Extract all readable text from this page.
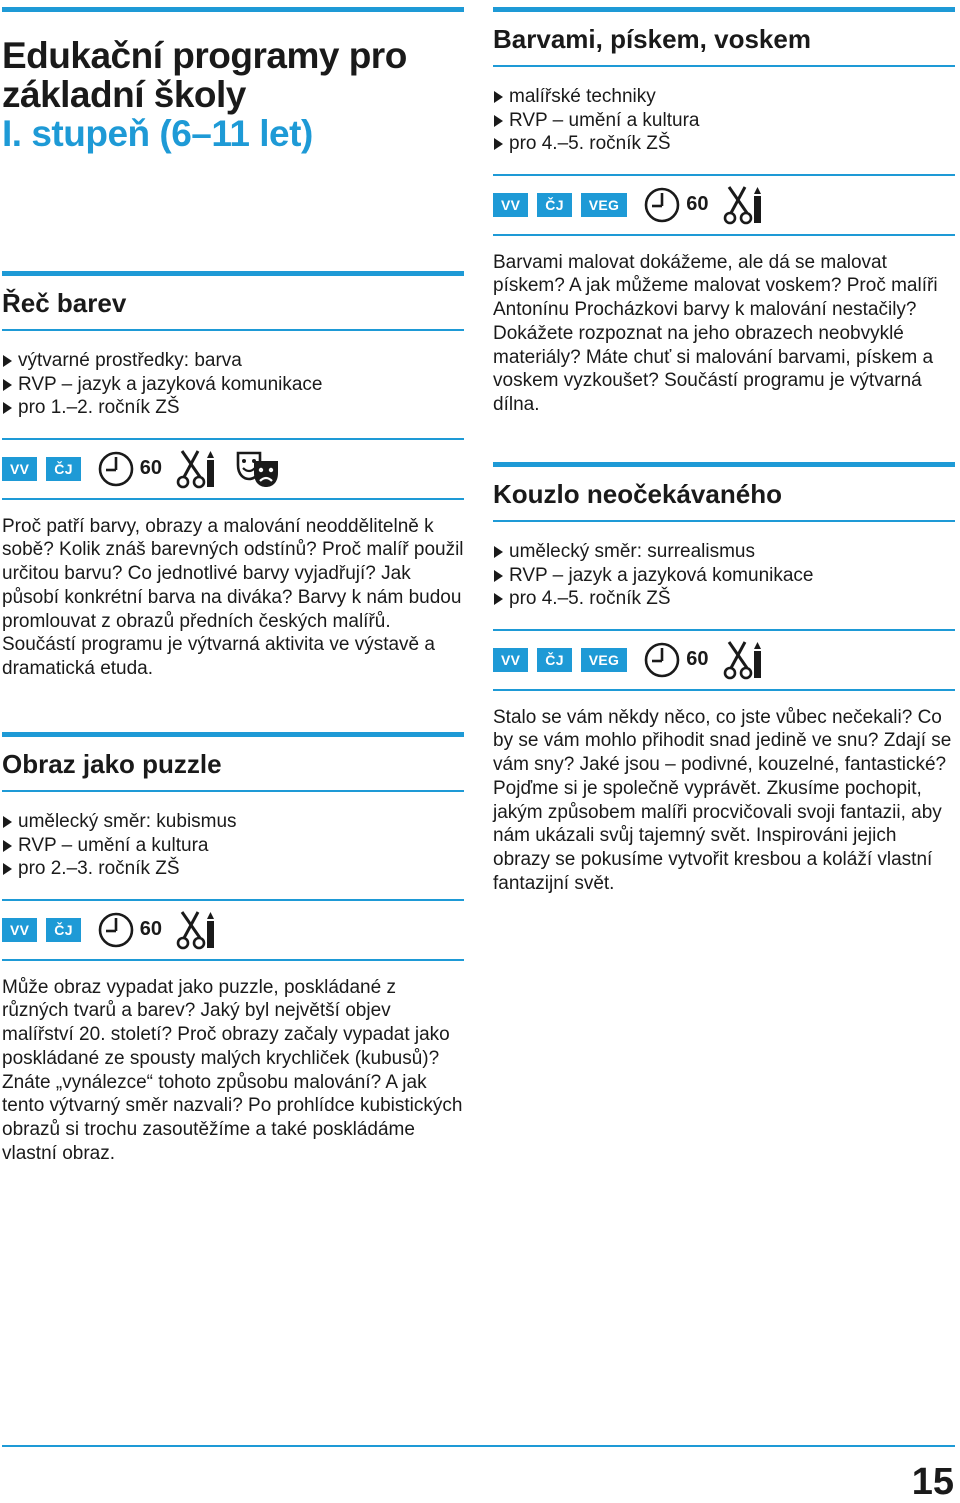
Edukační programy pro
základní školy
I. stupeň (6–11 let)
Řeč barev
výtvarné prostředky: barva
RVP – jazyk a jazyková komunikace
pro 1.–2. ročník ZŠ
VV	ČJ	60

Proč patří barvy, obrazy a malování neoddělitelně k sobě? Kolik znáš barevných odstínů? Proč malíř použil určitou barvu? Co jednotlivé barvy vyjadřují? Jak působí konkrétní barva na diváka? Barvy k nám budou promlouvat z obrazů předních českých malířů. Součástí programu je výtvarná aktivita ve výstavě a dramatická etuda.

Obraz jako puzzle
umělecký směr: kubismus
RVP – umění a kultura
pro 2.–3. ročník ZŠ
VV	ČJ	60

Může obraz vypadat jako puzzle, poskládané z různých tvarů a barev? Jaký byl největší objev malířství 20. století? Proč obrazy začaly vypadat jako poskládané ze spousty malých krychliček (kubusů)? Znáte „vynálezce“ tohoto způsobu malování? A jak tento výtvarný směr nazvali? Po prohlídce kubistických obrazů si trochu zasoutěžíme a také poskládáme vlastní obraz.

Barvami, pískem, voskem
malířské techniky
RVP – umění a kultura
pro 4.–5. ročník ZŠ
VV	ČJ	VEG	60

Barvami malovat dokážeme, ale dá se malovat pískem? A jak můžeme malovat voskem? Proč malíři Antonínu Procházkovi barvy k malování nestačily? Dokážete rozpoznat na jeho obrazech neobvyklé materiály? Máte chuť si malování barvami, pískem a voskem vyzkoušet? Součástí programu je výtvarná dílna.

Kouzlo neočekávaného
umělecký směr: surrealismus
RVP – jazyk a jazyková komunikace
pro 4.–5. ročník ZŠ
VV	ČJ	VEG	60

Stalo se vám někdy něco, co jste vůbec nečekali? Co by se vám mohlo přihodit snad jedině ve snu? Zdají se vám sny? Jaké jsou – podivné, kouzelné, fantastické? Pojďme si je společně vyprávět. Zkusíme pochopit, jakým způsobem malíři procvičovali svoji fantazii, aby nám ukázali svůj tajemný svět. Inspirováni jejich obrazy se pokusíme vytvořit kresbou a koláží vlastní fantazijní svět.

15
